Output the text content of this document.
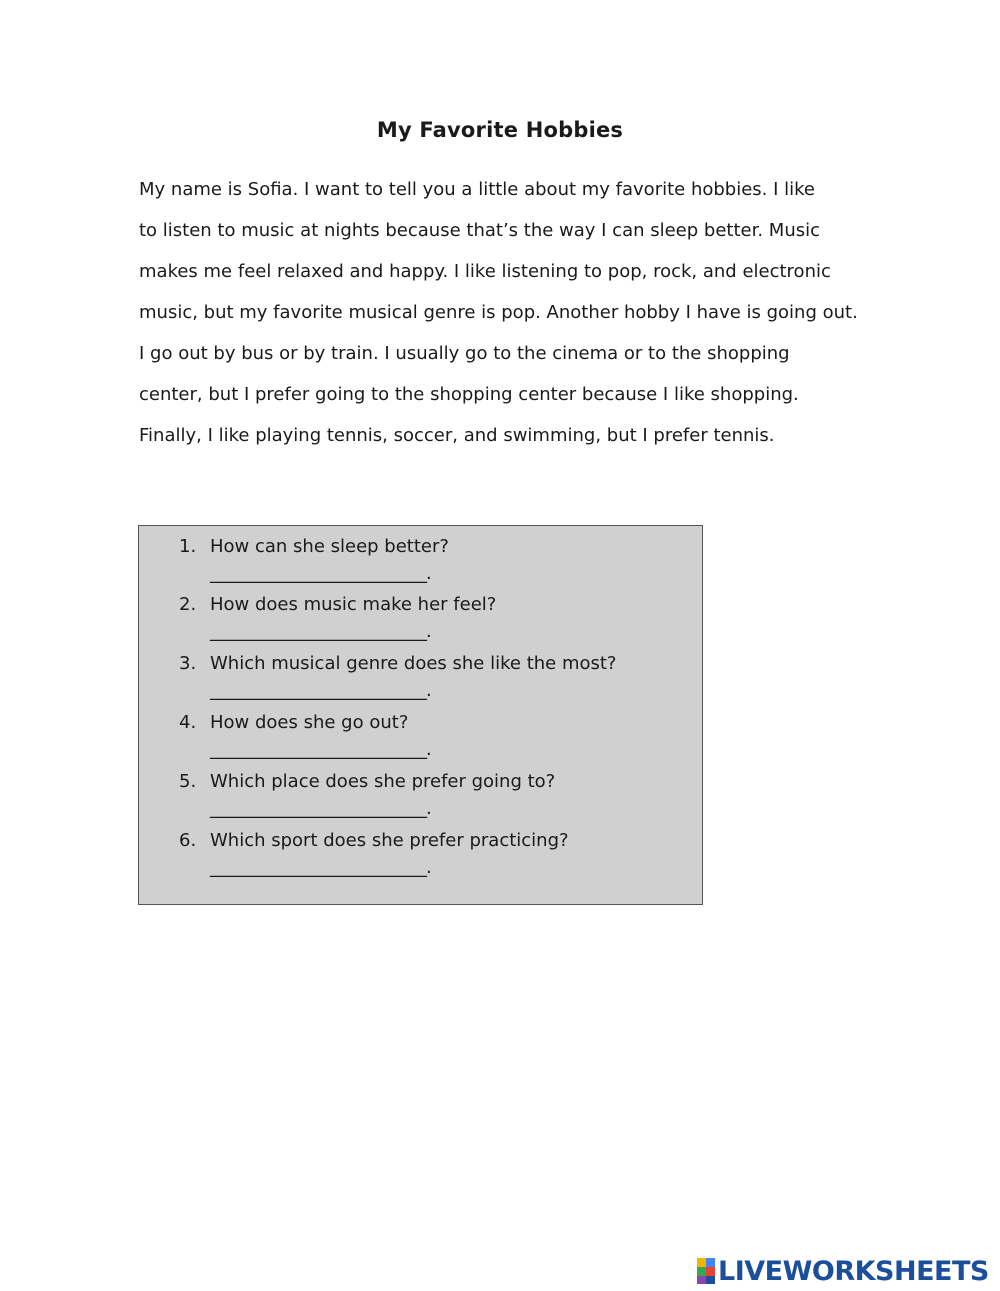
My Favorite Hobbies
My name is Sofia. I want to tell you a little about my favorite hobbies. I like
to listen to music at nights because that’s the way I can sleep better. Music
makes me feel relaxed and happy. I like listening to pop, rock, and electronic
music, but my favorite musical genre is pop. Another hobby I have is going out.
I go out by bus or by train. I usually go to the cinema or to the shopping
center, but I prefer going to the shopping center because I like shopping.
Finally, I like playing tennis, soccer, and swimming, but I prefer tennis.
1. How can she sleep better?
___________________________.
2. How does music make her feel?
___________________________.
3. Which musical genre does she like the most?
___________________________.
4. How does she go out?
___________________________.
5. Which place does she prefer going to?
___________________________.
6. Which sport does she prefer practicing?
___________________________.
LIVEWORKSHEETS
